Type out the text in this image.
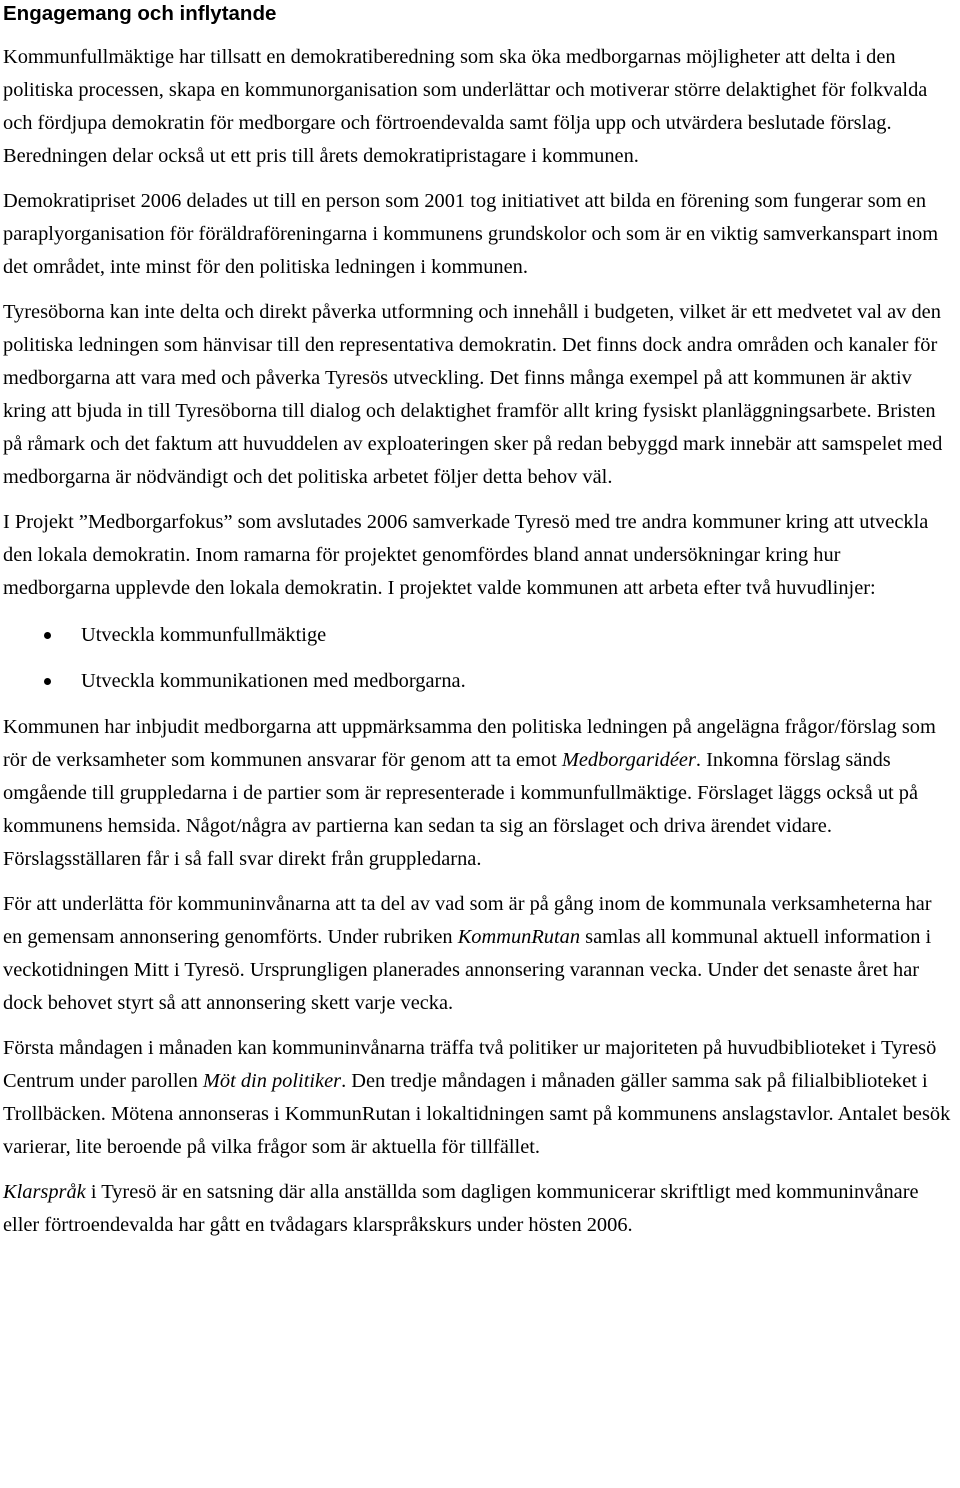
Engagemang och inflytande

Kommunfullmäktige har tillsatt en demokratiberedning som ska öka medborgarnas möjligheter att delta i den politiska processen, skapa en kommunorganisation som underlättar och motiverar större delaktighet för folkvalda och fördjupa demokratin för medborgare och förtroendevalda samt följa upp och utvärdera beslutade förslag. Beredningen delar också ut ett pris till årets demokratipristagare i kommunen.

Demokratipriset 2006 delades ut till en person som 2001 tog initiativet att bilda en förening som fungerar som en paraplyorganisation för föräldraföreningarna i kommunens grundskolor och som är en viktig samverkanspart inom det området, inte minst för den politiska ledningen i kommunen.

Tyresöborna kan inte delta och direkt påverka utformning och innehåll i budgeten, vilket är ett medvetet val av den politiska ledningen som hänvisar till den representativa demokratin. Det finns dock andra områden och kanaler för medborgarna att vara med och påverka Tyresös utveckling. Det finns många exempel på att kommunen är aktiv kring att bjuda in till Tyresöborna till dialog och delaktighet framför allt kring fysiskt planläggningsarbete. Bristen på råmark och det faktum att huvuddelen av exploateringen sker på redan bebyggd mark innebär att samspelet med medborgarna är nödvändigt och det politiska arbetet följer detta behov väl.

I Projekt ”Medborgarfokus” som avslutades 2006 samverkade Tyresö med tre andra kommuner kring att utveckla den lokala demokratin. Inom ramarna för projektet genomfördes bland annat undersökningar kring hur medborgarna upplevde den lokala demokratin. I projektet valde kommunen att arbeta efter två huvudlinjer:

Utveckla kommunfullmäktige
Utveckla kommunikationen med medborgarna.

Kommunen har inbjudit medborgarna att uppmärksamma den politiska ledningen på angelägna frågor/förslag som rör de verksamheter som kommunen ansvarar för genom att ta emot Medborgaridéer. Inkomna förslag sänds omgående till gruppledarna i de partier som är representerade i kommunfullmäktige. Förslaget läggs också ut på kommunens hemsida. Något/några av partierna kan sedan ta sig an förslaget och driva ärendet vidare. Förslagsställaren får i så fall svar direkt från gruppledarna.

För att underlätta för kommuninvånarna att ta del av vad som är på gång inom de kommunala verksamheterna har en gemensam annonsering genomförts. Under rubriken KommunRutan samlas all kommunal aktuell information i veckotidningen Mitt i Tyresö. Ursprungligen planerades annonsering varannan vecka. Under det senaste året har dock behovet styrt så att annonsering skett varje vecka.

Första måndagen i månaden kan kommuninvånarna träffa två politiker ur majoriteten på huvudbiblioteket i Tyresö Centrum under parollen Möt din politiker. Den tredje måndagen i månaden gäller samma sak på filialbiblioteket i Trollbäcken. Mötena annonseras i KommunRutan i lokaltidningen samt på kommunens anslagstavlor. Antalet besök varierar, lite beroende på vilka frågor som är aktuella för tillfället.

Klarspråk i Tyresö är en satsning där alla anställda som dagligen kommunicerar skriftligt med kommuninvånare eller förtroendevalda har gått en tvådagars klarspråkskurs under hösten 2006.
